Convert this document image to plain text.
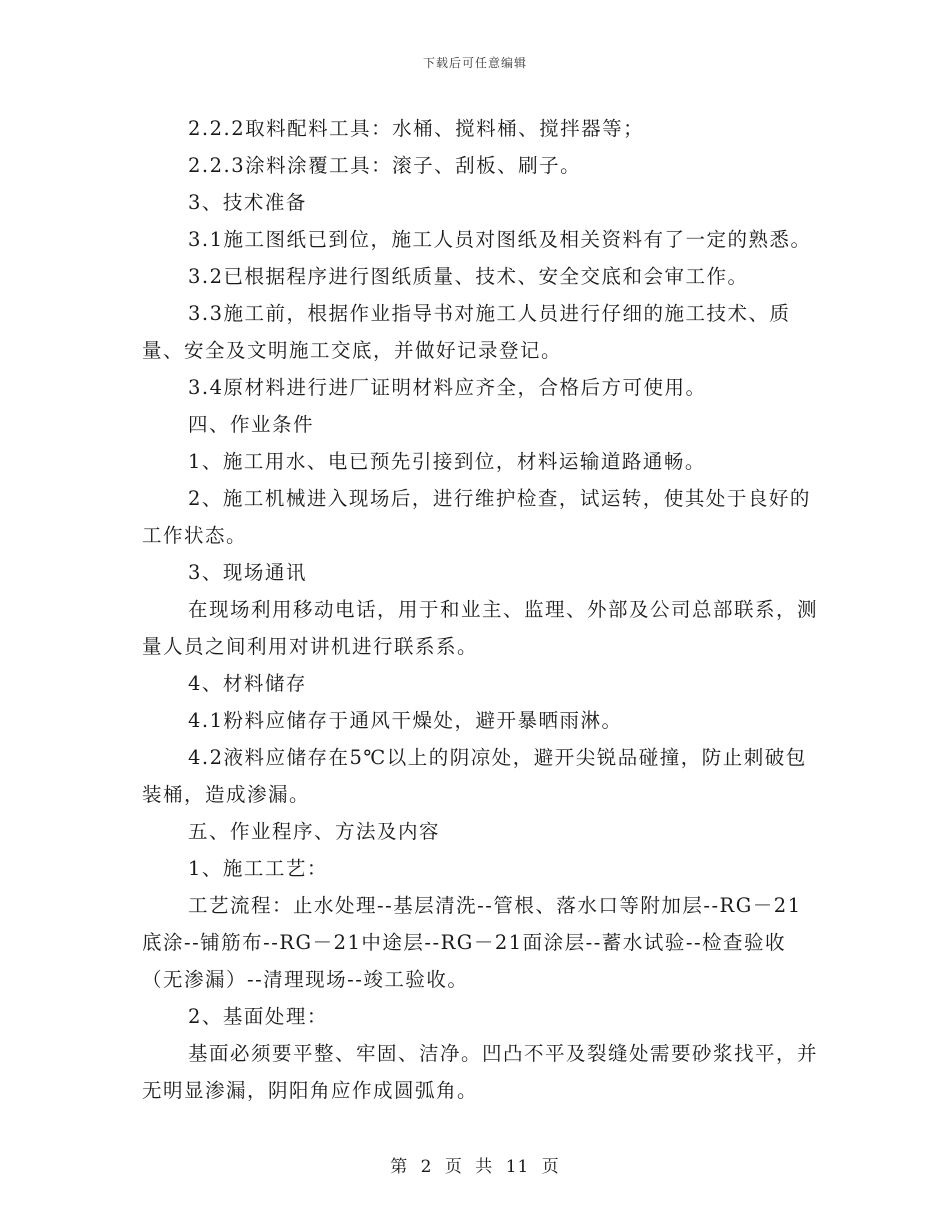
下载后可任意编辑

2.2.2取料配料工具：水桶、搅料桶、搅拌器等；

2.2.3涂料涂覆工具：滚子、刮板、刷子。

3、技术准备

3.1施工图纸已到位，施工人员对图纸及相关资料有了一定的熟悉。

3.2已根据程序进行图纸质量、技术、安全交底和会审工作。

3.3施工前，根据作业指导书对施工人员进行仔细的施工技术、质量、安全及文明施工交底，并做好记录登记。

3.4原材料进行进厂证明材料应齐全，合格后方可使用。

四、作业条件

1、施工用水、电已预先引接到位，材料运输道路通畅。

2、施工机械进入现场后，进行维护检查，试运转，使其处于良好的工作状态。

3、现场通讯

在现场利用移动电话，用于和业主、监理、外部及公司总部联系，测量人员之间利用对讲机进行联系系。

4、材料储存

4.1粉料应储存于通风干燥处，避开暴晒雨淋。

4.2液料应储存在5℃以上的阴凉处，避开尖锐品碰撞，防止刺破包装桶，造成渗漏。

五、作业程序、方法及内容

1、施工工艺：

工艺流程：止水处理--基层清洗--管根、落水口等附加层--RG－21底涂--铺筋布--RG－21中途层--RG－21面涂层--蓄水试验--检查验收（无渗漏）--清理现场--竣工验收。

2、基面处理：

基面必须要平整、牢固、洁净。凹凸不平及裂缝处需要砂浆找平，并无明显渗漏，阴阳角应作成圆弧角。

第 2 页 共 11 页
